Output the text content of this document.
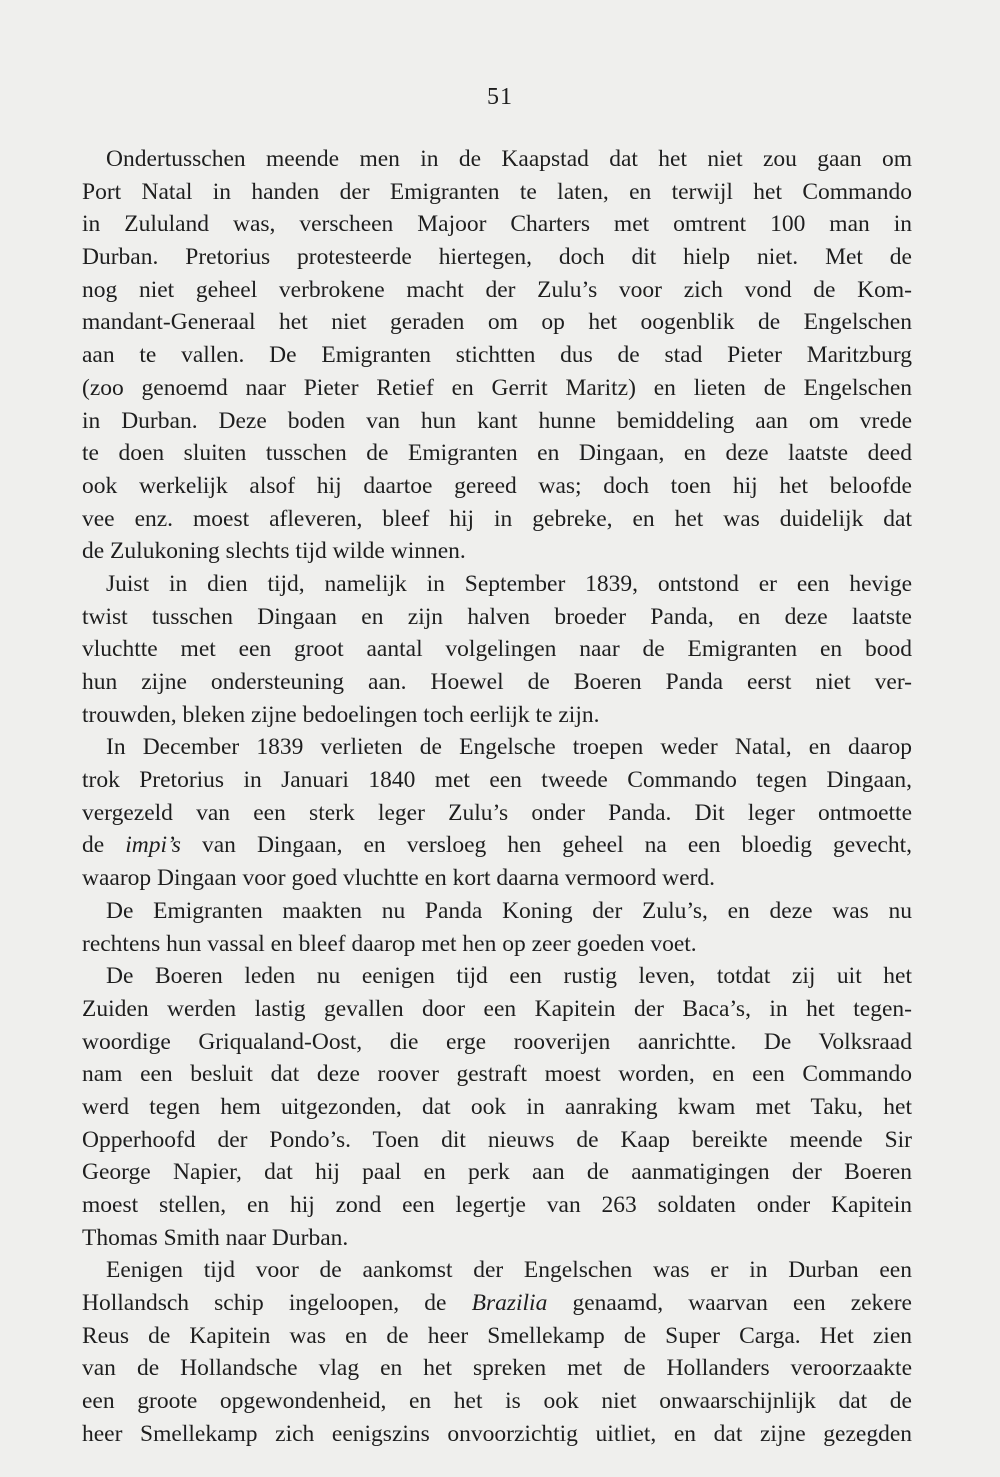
51
Ondertusschen meende men in de Kaapstad dat het niet zou gaan om
Port Natal in handen der Emigranten te laten, en terwijl het Commando
in Zululand was, verscheen Majoor Charters met omtrent 100 man in
Durban. Pretorius protesteerde hiertegen, doch dit hielp niet. Met de
nog niet geheel verbrokene macht der Zulu’s voor zich vond de Kom-
mandant-Generaal het niet geraden om op het oogenblik de Engelschen
aan te vallen. De Emigranten stichtten dus de stad Pieter Maritzburg
(zoo genoemd naar Pieter Retief en Gerrit Maritz) en lieten de Engelschen
in Durban. Deze boden van hun kant hunne bemiddeling aan om vrede
te doen sluiten tusschen de Emigranten en Dingaan, en deze laatste deed
ook werkelijk alsof hij daartoe gereed was; doch toen hij het beloofde
vee enz. moest afleveren, bleef hij in gebreke, en het was duidelijk dat
de Zulukoning slechts tijd wilde winnen.
Juist in dien tijd, namelijk in September 1839, ontstond er een hevige
twist tusschen Dingaan en zijn halven broeder Panda, en deze laatste
vluchtte met een groot aantal volgelingen naar de Emigranten en bood
hun zijne ondersteuning aan. Hoewel de Boeren Panda eerst niet ver-
trouwden, bleken zijne bedoelingen toch eerlijk te zijn.
In December 1839 verlieten de Engelsche troepen weder Natal, en daarop
trok Pretorius in Januari 1840 met een tweede Commando tegen Dingaan,
vergezeld van een sterk leger Zulu’s onder Panda. Dit leger ontmoette
de impi’s van Dingaan, en versloeg hen geheel na een bloedig gevecht,
waarop Dingaan voor goed vluchtte en kort daarna vermoord werd.
De Emigranten maakten nu Panda Koning der Zulu’s, en deze was nu
rechtens hun vassal en bleef daarop met hen op zeer goeden voet.
De Boeren leden nu eenigen tijd een rustig leven, totdat zij uit het
Zuiden werden lastig gevallen door een Kapitein der Baca’s, in het tegen-
woordige Griqualand-Oost, die erge rooverijen aanrichtte. De Volksraad
nam een besluit dat deze roover gestraft moest worden, en een Commando
werd tegen hem uitgezonden, dat ook in aanraking kwam met Taku, het
Opperhoofd der Pondo’s. Toen dit nieuws de Kaap bereikte meende Sir
George Napier, dat hij paal en perk aan de aanmatigingen der Boeren
moest stellen, en hij zond een legertje van 263 soldaten onder Kapitein
Thomas Smith naar Durban.
Eenigen tijd voor de aankomst der Engelschen was er in Durban een
Hollandsch schip ingeloopen, de Brazilia genaamd, waarvan een zekere
Reus de Kapitein was en de heer Smellekamp de Super Carga. Het zien
van de Hollandsche vlag en het spreken met de Hollanders veroorzaakte
een groote opgewondenheid, en het is ook niet onwaarschijnlijk dat de
heer Smellekamp zich eenigszins onvoorzichtig uitliet, en dat zijne gezegden
